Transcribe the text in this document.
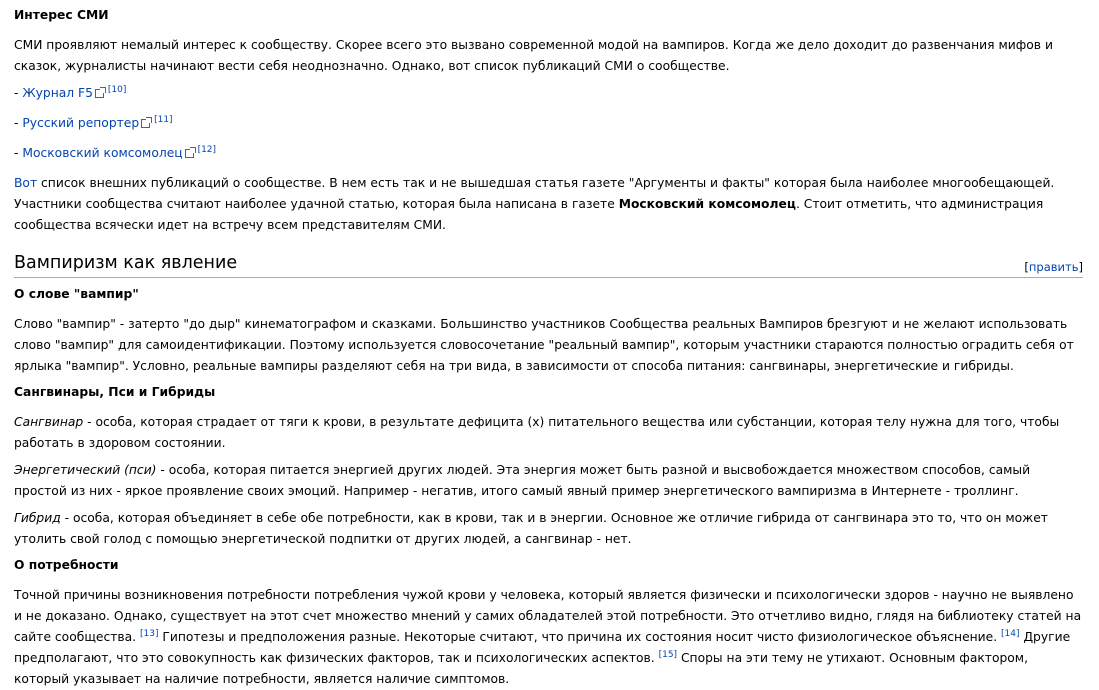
Интерес СМИ

СМИ проявляют немалый интерес к сообществу. Скорее всего это вызвано современной модой на вампиров. Когда же дело доходит до развенчания мифов и сказок, журналисты начинают вести себя неоднозначно. Однако, вот список публикаций СМИ о сообществе.

- Журнал F5 [10]

- Русский репортер [11]

- Московский комсомолец [12]

Вот список внешних публикаций о сообществе. В нем есть так и не вышедшая статья газете "Аргументы и факты" которая была наиболее многообещающей. Участники сообщества считают наиболее удачной статью, которая была написана в газете Московский комсомолец. Стоит отметить, что администрация сообщества всячески идет на встречу всем представителям СМИ.

Вампиризм как явление	[править]
О слове "вампир"

Слово "вампир" - затерто "до дыр" кинематографом и сказками. Большинство участников Сообщества реальных Вампиров брезгуют и не желают использовать слово "вампир" для самоидентификации. Поэтому используется словосочетание "реальный вампир", которым участники стараются полностью оградить себя от ярлыка "вампир". Условно, реальные вампиры разделяют себя на три вида, в зависимости от способа питания: сангвинары, энергетические и гибриды.

Сангвинары, Пси и Гибриды

Сангвинар - особа, которая страдает от тяги к крови, в результате дефицита (х) питательного вещества или субстанции, которая телу нужна для того, чтобы работать в здоровом состоянии.

Энергетический (пси) - особа, которая питается энергией других людей. Эта энергия может быть разной и высвобождается множеством способов, самый простой из них - яркое проявление своих эмоций. Например - негатив, итого самый явный пример энергетического вампиризма в Интернете - троллинг.

Гибрид - особа, которая объединяет в себе обе потребности, как в крови, так и в энергии. Основное же отличие гибрида от сангвинара это то, что он может утолить свой голод с помощью энергетической подпитки от других людей, а сангвинар - нет.

О потребности

Точной причины возникновения потребности потребления чужой крови у человека, который является физически и психологически здоров - научно не выявлено и не доказано. Однако, существует на этот счет множество мнений у самих обладателей этой потребности. Это отчетливо видно, глядя на библиотеку статей на сайте сообщества. [13] Гипотезы и предположения разные. Некоторые считают, что причина их состояния носит чисто физиологическое объяснение. [14] Другие предполагают, что это совокупность как физических факторов, так и психологических аспектов. [15] Споры на эти тему не утихают. Основным фактором, который указывает на наличие потребности, является наличие симптомов.
